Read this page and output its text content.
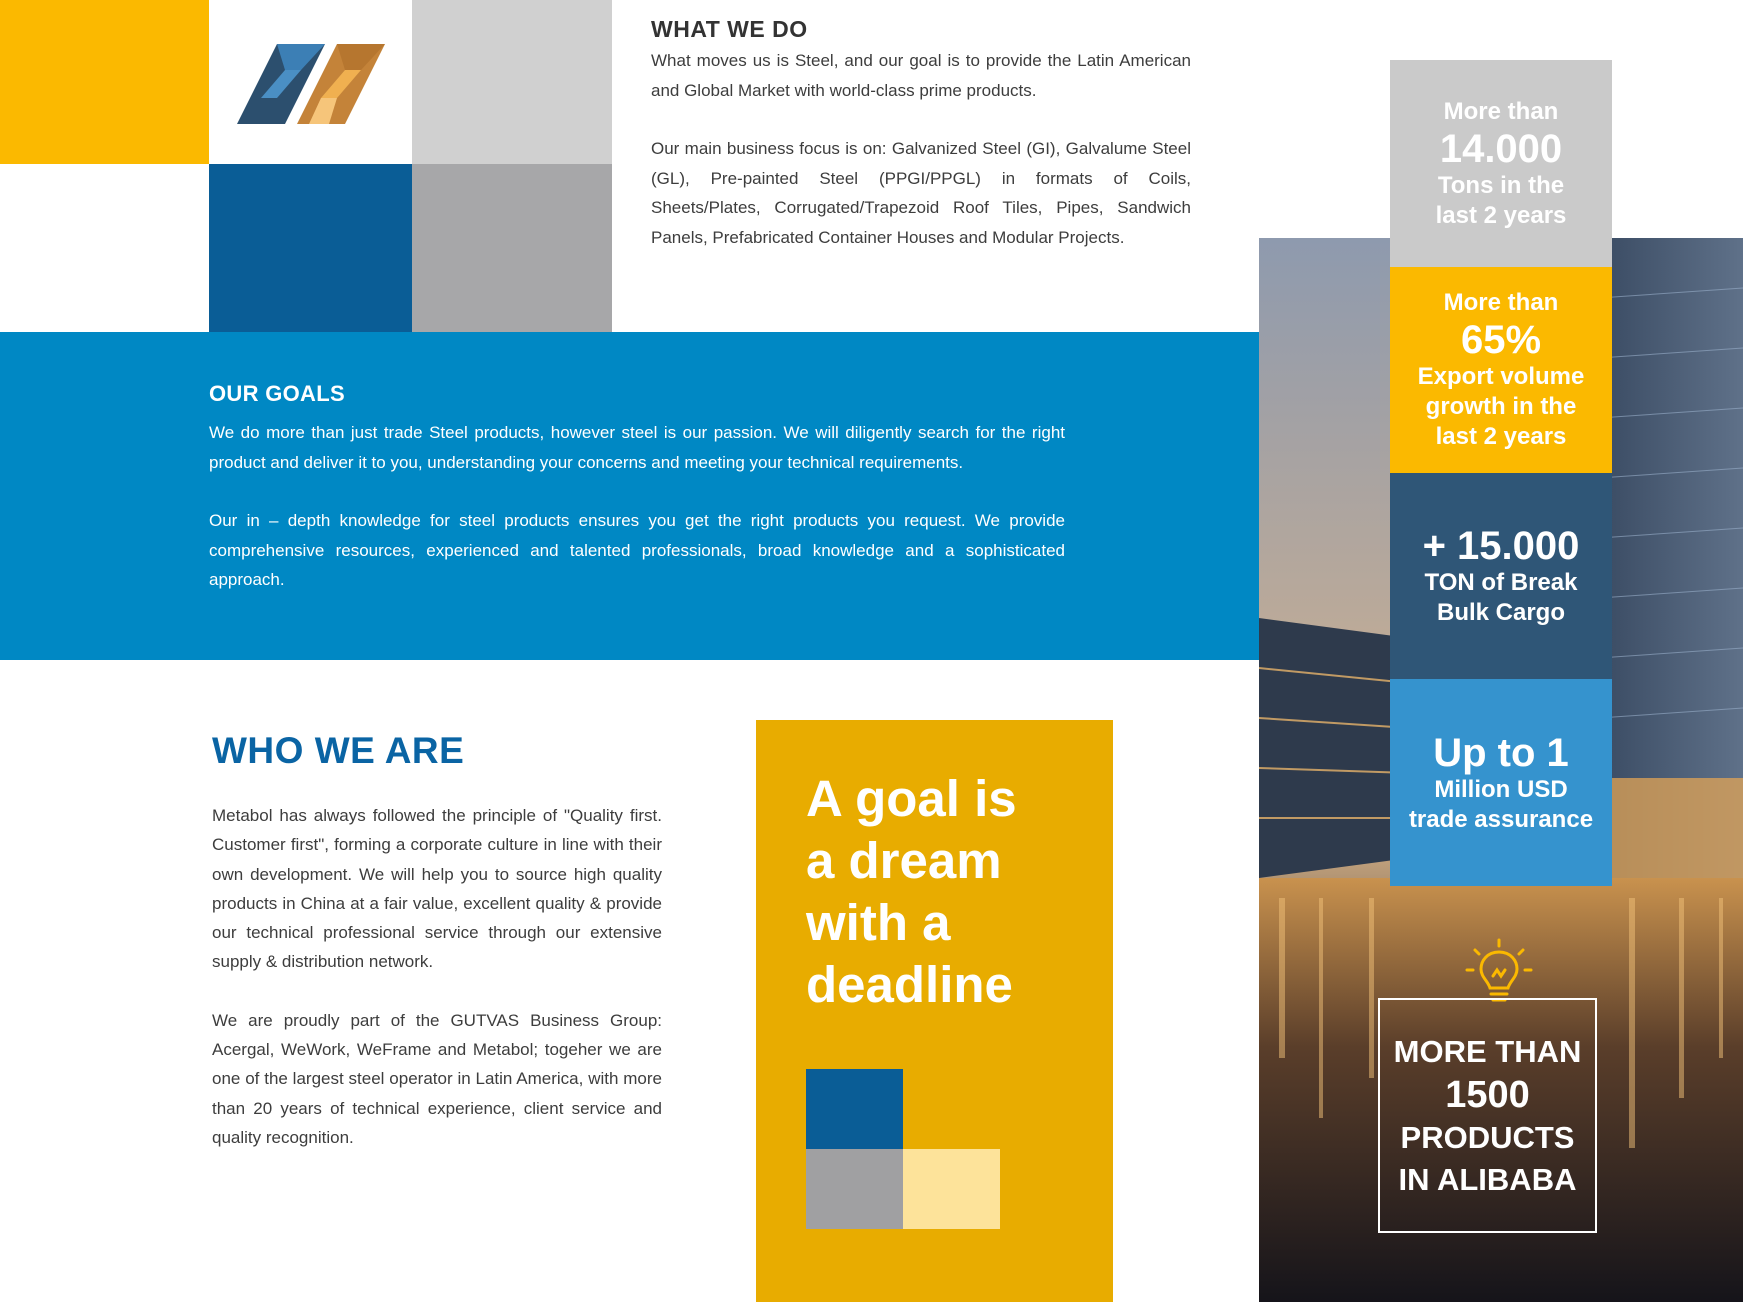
WHAT WE DO

What moves us is Steel, and our goal is to provide the Latin American and Global Market with world-class prime products.

Our main business focus is on: Galvanized Steel (GI), Galvalume Steel (GL), Pre-painted Steel (PPGI/PPGL) in formats of Coils, Sheets/Plates, Corrugated/Trapezoid Roof Tiles, Pipes, Sandwich Panels, Prefabricated Container Houses and Modular Projects.

OUR GOALS

We do more than just trade Steel products, however steel is our passion. We will diligently search for the right product and deliver it to you, understanding your concerns and meeting your technical requirements.

Our in – depth knowledge for steel products ensures you get the right products you request. We provide comprehensive resources, experienced and talented professionals, broad knowledge and a sophisticated approach.

WHO WE ARE

Metabol has always followed the principle of "Quality first. Customer first", forming a corporate culture in line with their own development. We will help you to source high quality products in China at a fair value, excellent quality & provide our technical professional service through our extensive supply & distribution network.

We are proudly part of the GUTVAS Business Group: Acergal, WeWork, WeFrame and Metabol; togeher we are one of the largest steel operator in Latin America, with more than 20 years of technical experience, client service and quality recognition.

A goal is
a dream
with a
deadline
More than
14.000
Tons in the
last 2 years
More than
65%
Export volume
growth in the
last 2 years
+ 15.000
TON of Break
Bulk Cargo
Up to 1
Million USD
trade assurance
MORE THAN
1500
PRODUCTS
IN ALIBABA
